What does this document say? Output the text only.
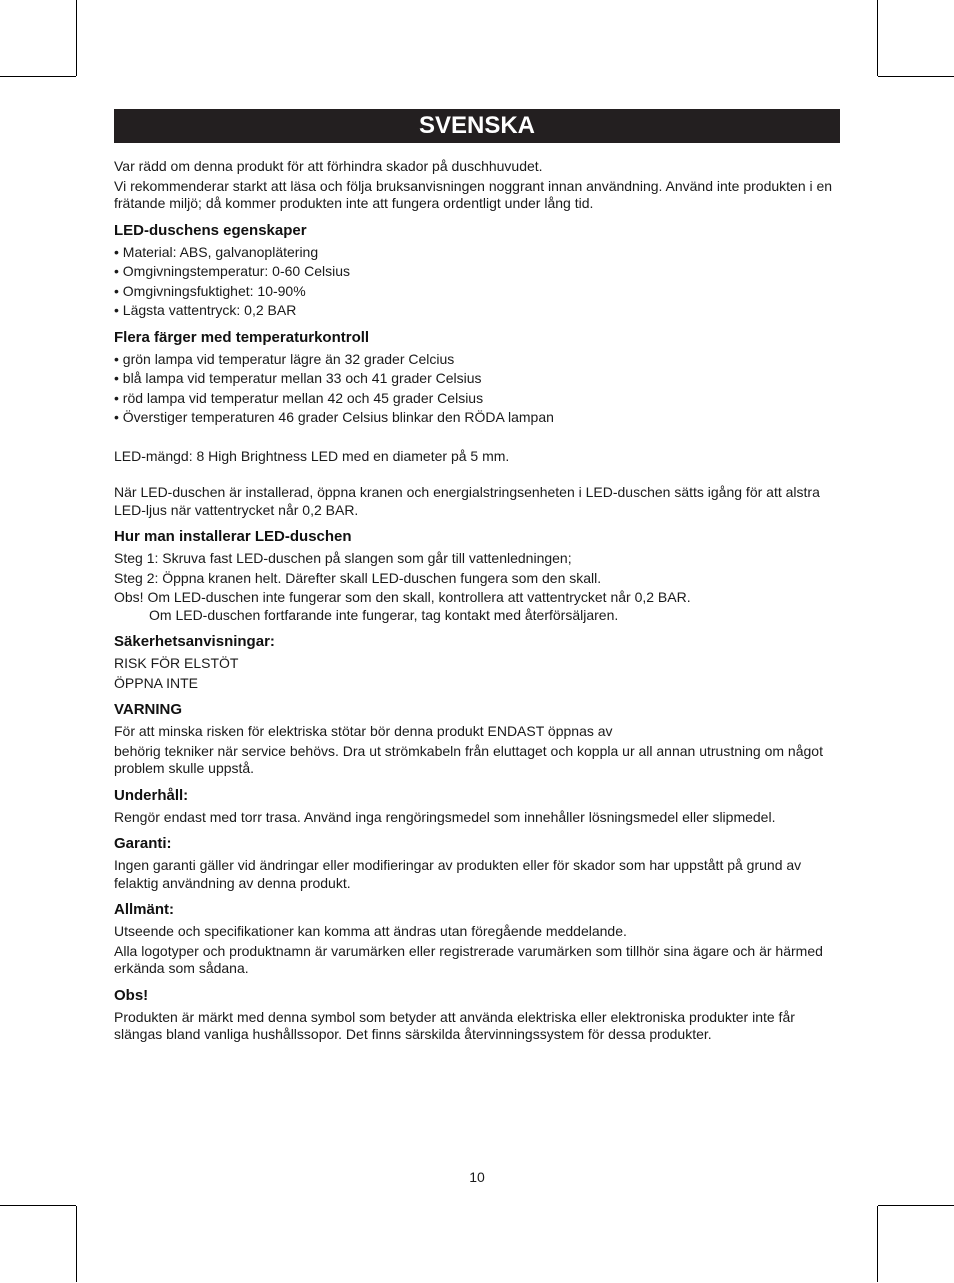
SVENSKA

Var rädd om denna produkt för att förhindra skador på duschhuvudet.

Vi rekommenderar starkt att läsa och följa bruksanvisningen noggrant innan användning. Använd inte produkten i en frätande miljö; då kommer produkten inte att fungera ordentligt under lång tid.

LED-duschens egenskaper
• Material: ABS, galvanoplätering
• Omgivningstemperatur: 0-60 Celsius
• Omgivningsfuktighet: 10-90%
• Lägsta vattentryck: 0,2 BAR
Flera färger med temperaturkontroll
• grön lampa vid temperatur lägre än 32 grader Celcius
• blå lampa vid temperatur mellan 33 och 41 grader Celsius
• röd lampa vid temperatur mellan 42 och 45 grader Celsius
• Överstiger temperaturen 46 grader Celsius blinkar den RÖDA lampan

LED-mängd: 8 High Brightness LED med en diameter på 5 mm.

När LED-duschen är installerad, öppna kranen och energialstringsenheten i LED-duschen sätts igång för att alstra LED-ljus när vattentrycket når 0,2 BAR.

Hur man installerar LED-duschen

Steg 1: Skruva fast LED-duschen på slangen som går till vattenledningen;

Steg 2: Öppna kranen helt. Därefter skall LED-duschen fungera som den skall.

Obs! Om LED-duschen inte fungerar som den skall, kontrollera att vattentrycket når 0,2 BAR.

Om LED-duschen fortfarande inte fungerar, tag kontakt med återförsäljaren.

Säkerhetsanvisningar:

RISK FÖR ELSTÖT

ÖPPNA INTE

VARNING

För att minska risken för elektriska stötar bör denna produkt ENDAST öppnas av

behörig tekniker när service behövs. Dra ut strömkabeln från eluttaget och koppla ur all annan utrustning om något problem skulle uppstå.

Underhåll:

Rengör endast med torr trasa. Använd inga rengöringsmedel som innehåller lösningsmedel eller slipmedel.

Garanti:

Ingen garanti gäller vid ändringar eller modifieringar av produkten eller för skador som har uppstått på grund av felaktig användning av denna produkt.

Allmänt:

Utseende och specifikationer kan komma att ändras utan föregående meddelande.

Alla logotyper och produktnamn är varumärken eller registrerade varumärken som tillhör sina ägare och är härmed erkända som sådana.

Obs!

Produkten är märkt med denna symbol som betyder att använda elektriska eller elektroniska produkter inte får slängas bland vanliga hushållssopor. Det finns särskilda återvinningssystem för dessa produkter.

10
